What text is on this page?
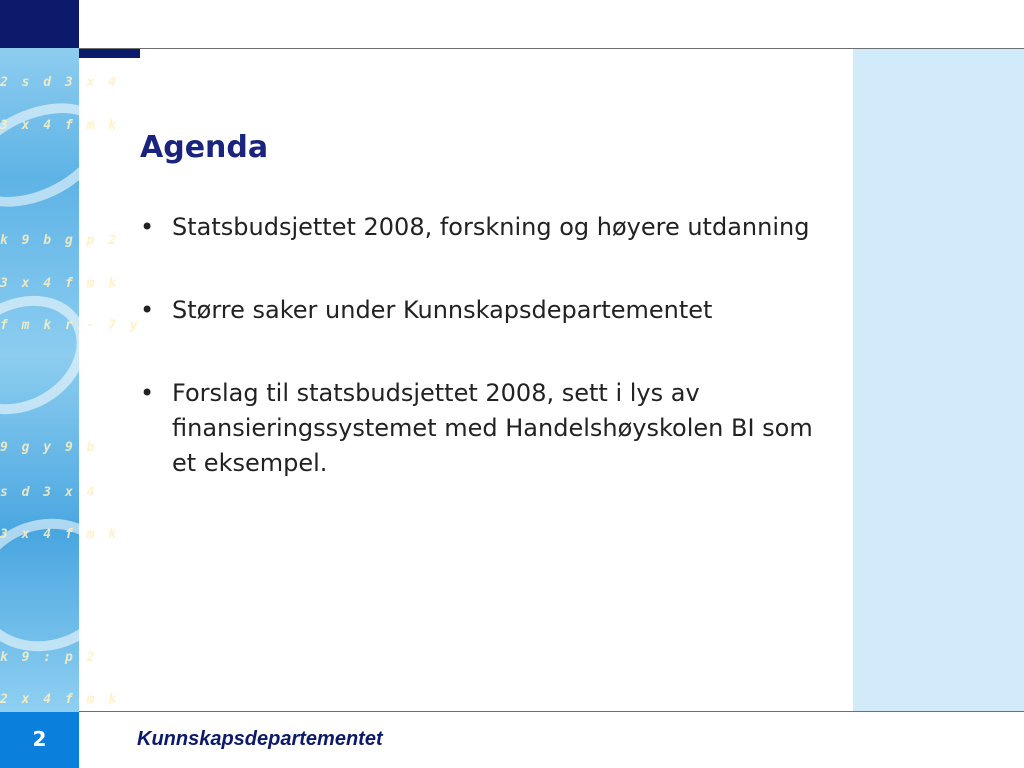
2 s d 3 x 4
3 x 4 f m k
k 9 b g p 2
3 x 4 f m k
f m k r - 7 y
9 g y 9 b
s d 3 x 4
3 x 4 f m k
k 9 : p 2
2 x 4 f m k
Agenda
• Statsbudsjettet 2008, forskning og høyere utdanning
• Større saker under Kunnskapsdepartementet
• Forslag til statsbudsjettet 2008, sett i lys av finansieringssystemet med Handelshøyskolen BI som et eksempel.
2	Kunnskapsdepartementet
